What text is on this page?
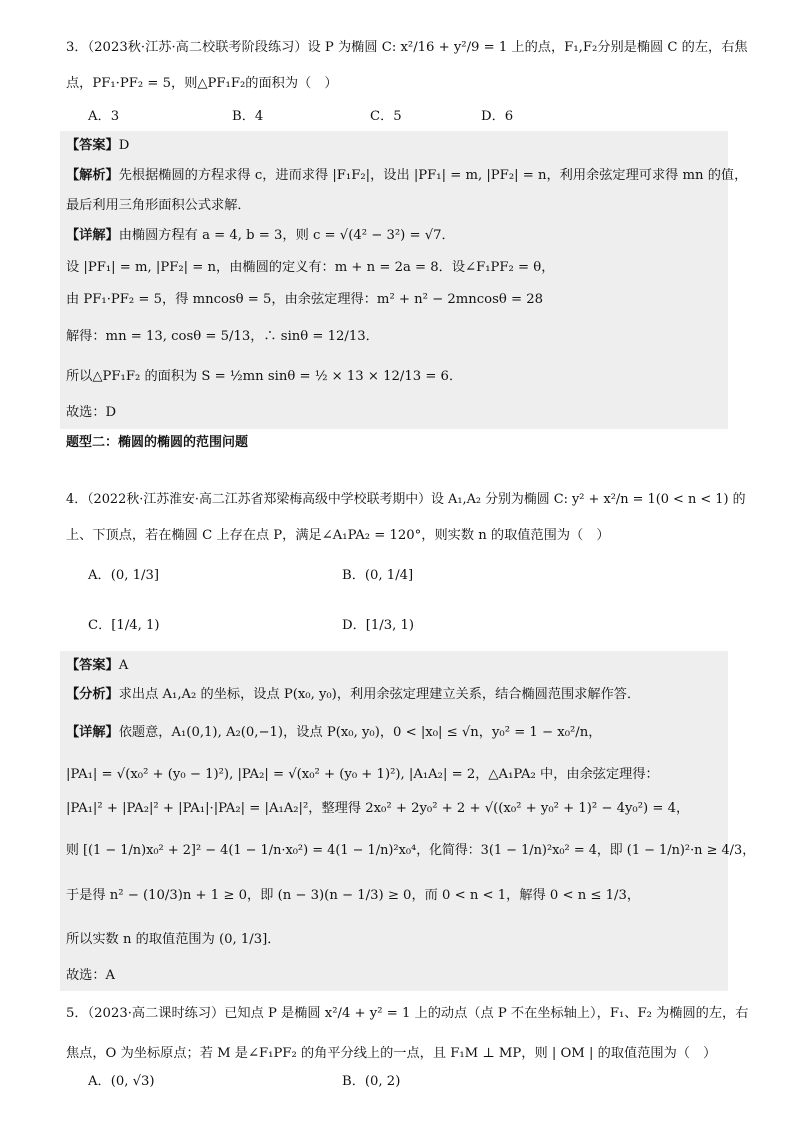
3．（2023秋·江苏·高二校联考阶段练习）设 P 为椭圆 C: x²/16 + y²/9 = 1 上的点，F₁,F₂分别是椭圆 C 的左，右焦
点，PF₁·PF₂ = 5，则△PF₁F₂的面积为（　）
A．3	B．4	C．5	D．6
【答案】D
【解析】先根据椭圆的方程求得 c，进而求得 |F₁F₂|，设出 |PF₁| = m, |PF₂| = n，利用余弦定理可求得 mn 的值，
最后利用三角形面积公式求解．
【详解】由椭圆方程有 a = 4, b = 3，则 c = √(4² − 3²) = √7．
设 |PF₁| = m, |PF₂| = n，由椭圆的定义有：m + n = 2a = 8．设∠F₁PF₂ = θ，
由 PF₁·PF₂ = 5，得 mncosθ = 5，由余弦定理得：m² + n² − 2mncosθ = 28
解得：mn = 13, cosθ = 5/13，∴ sinθ = 12/13．
所以△PF₁F₂ 的面积为 S = ½mn sinθ = ½ × 13 × 12/13 = 6．
故选：D
题型二：椭圆的椭圆的范围问题
4．（2022秋·江苏淮安·高二江苏省郑梁梅高级中学校联考期中）设 A₁,A₂ 分别为椭圆 C: y² + x²/n = 1(0 < n < 1) 的
上、下顶点，若在椭圆 C 上存在点 P，满足∠A₁PA₂ = 120°，则实数 n 的取值范围为（　）
A．(0, 1/3]	B．(0, 1/4]
C．[1/4, 1)	D．[1/3, 1)
【答案】A
【分析】求出点 A₁,A₂ 的坐标，设点 P(x₀, y₀)，利用余弦定理建立关系，结合椭圆范围求解作答．
【详解】依题意，A₁(0,1), A₂(0,−1)，设点 P(x₀, y₀)，0 < |x₀| ≤ √n，y₀² = 1 − x₀²/n，
|PA₁| = √(x₀² + (y₀ − 1)²), |PA₂| = √(x₀² + (y₀ + 1)²), |A₁A₂| = 2，△A₁PA₂ 中，由余弦定理得：
|PA₁|² + |PA₂|² + |PA₁|·|PA₂| = |A₁A₂|²，整理得 2x₀² + 2y₀² + 2 + √((x₀² + y₀² + 1)² − 4y₀²) = 4，
则 [(1 − 1/n)x₀² + 2]² − 4(1 − 1/n·x₀²) = 4(1 − 1/n)²x₀⁴，化简得：3(1 − 1/n)²x₀² = 4，即 (1 − 1/n)²·n ≥ 4/3，
于是得 n² − (10/3)n + 1 ≥ 0，即 (n − 3)(n − 1/3) ≥ 0，而 0 < n < 1，解得 0 < n ≤ 1/3，
所以实数 n 的取值范围为 (0, 1/3]．
故选：A
5．（2023·高二课时练习）已知点 P 是椭圆 x²/4 + y² = 1 上的动点（点 P 不在坐标轴上），F₁、F₂ 为椭圆的左，右
焦点，O 为坐标原点；若 M 是∠F₁PF₂ 的角平分线上的一点，且 F₁M ⊥ MP，则 | OM | 的取值范围为（　）
A．(0, √3)	B．(0, 2)
